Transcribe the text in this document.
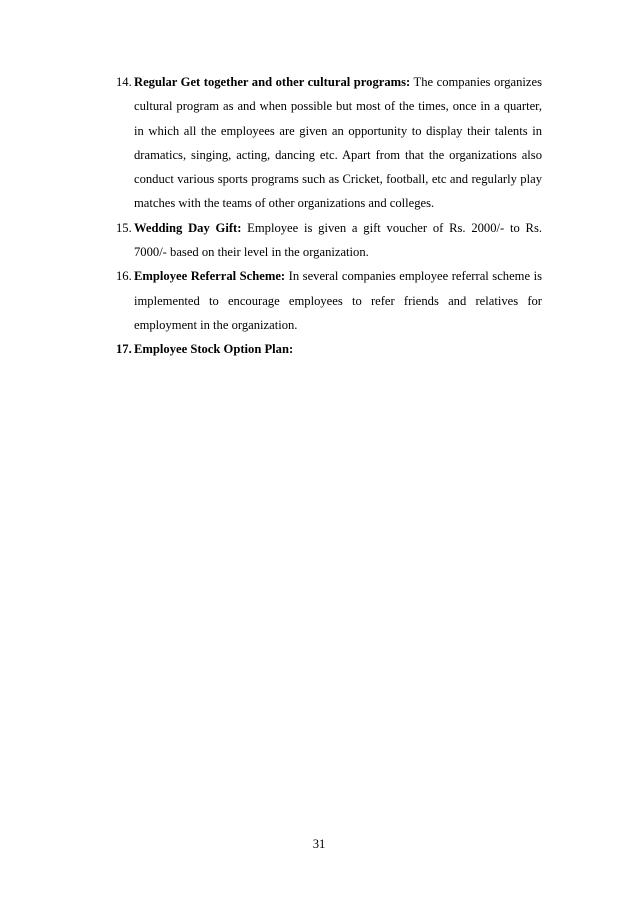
14. Regular Get together and other cultural programs: The companies organizes cultural program as and when possible but most of the times, once in a quarter, in which all the employees are given an opportunity to display their talents in dramatics, singing, acting, dancing etc. Apart from that the organizations also conduct various sports programs such as Cricket, football, etc and regularly play matches with the teams of other organizations and colleges.
15. Wedding Day Gift: Employee is given a gift voucher of Rs. 2000/- to Rs. 7000/- based on their level in the organization.
16. Employee Referral Scheme: In several companies employee referral scheme is implemented to encourage employees to refer friends and relatives for employment in the organization.
17. Employee Stock Option Plan:
31
